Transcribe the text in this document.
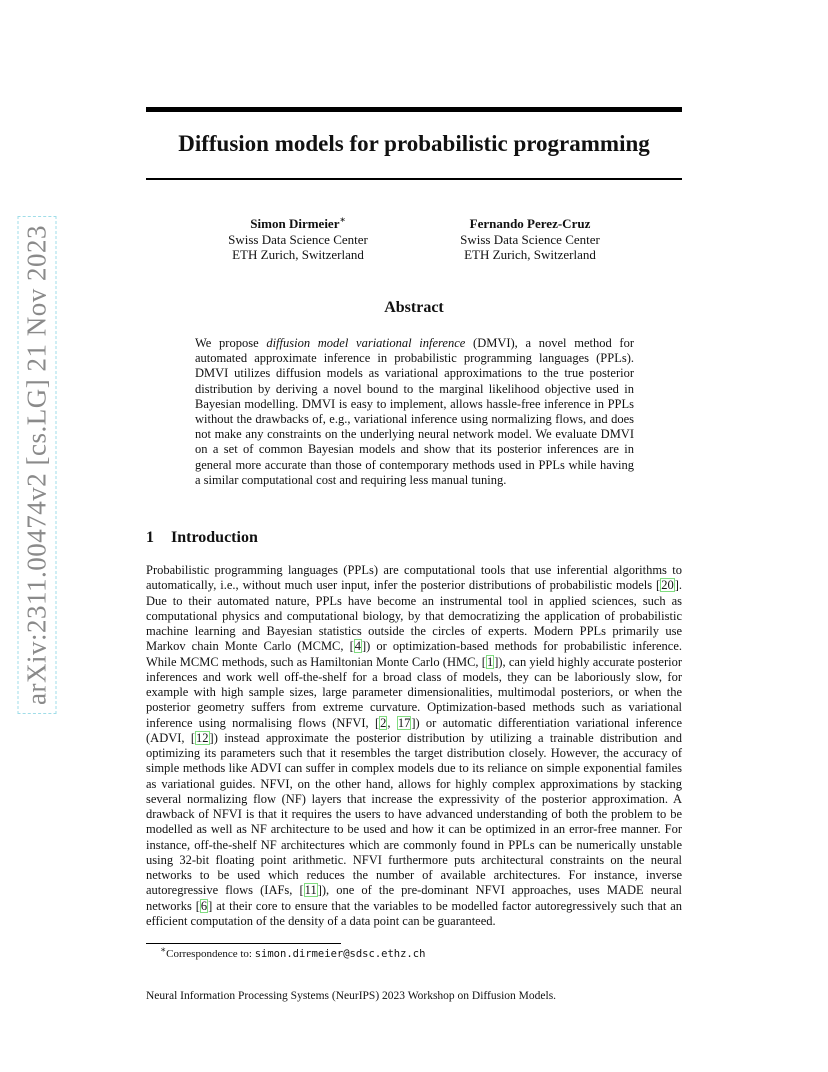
arXiv:2311.00474v2 [cs.LG] 21 Nov 2023
Diffusion models for probabilistic programming
Simon Dirmeier∗
Swiss Data Science Center
ETH Zurich, Switzerland
Fernando Perez-Cruz
Swiss Data Science Center
ETH Zurich, Switzerland
Abstract

We propose diffusion model variational inference (DMVI), a novel method for automated approximate inference in probabilistic programming languages (PPLs). DMVI utilizes diffusion models as variational approximations to the true posterior distribution by deriving a novel bound to the marginal likelihood objective used in Bayesian modelling. DMVI is easy to implement, allows hassle-free inference in PPLs without the drawbacks of, e.g., variational inference using normalizing flows, and does not make any constraints on the underlying neural network model. We evaluate DMVI on a set of common Bayesian models and show that its posterior inferences are in general more accurate than those of contemporary methods used in PPLs while having a similar computational cost and requiring less manual tuning.

1 Introduction

Probabilistic programming languages (PPLs) are computational tools that use inferential algorithms to automatically, i.e., without much user input, infer the posterior distributions of probabilistic models [20]. Due to their automated nature, PPLs have become an instrumental tool in applied sciences, such as computational physics and computational biology, by that democratizing the application of probabilistic machine learning and Bayesian statistics outside the circles of experts. Modern PPLs primarily use Markov chain Monte Carlo (MCMC, [4]) or optimization-based methods for probabilistic inference. While MCMC methods, such as Hamiltonian Monte Carlo (HMC, [1]), can yield highly accurate posterior inferences and work well off-the-shelf for a broad class of models, they can be laboriously slow, for example with high sample sizes, large parameter dimensionalities, multimodal posteriors, or when the posterior geometry suffers from extreme curvature. Optimization-based methods such as variational inference using normalising flows (NFVI, [2, 17]) or automatic differentiation variational inference (ADVI, [12]) instead approximate the posterior distribution by utilizing a trainable distribution and optimizing its parameters such that it resembles the target distribution closely. However, the accuracy of simple methods like ADVI can suffer in complex models due to its reliance on simple exponential familes as variational guides. NFVI, on the other hand, allows for highly complex approximations by stacking several normalizing flow (NF) layers that increase the expressivity of the posterior approximation. A drawback of NFVI is that it requires the users to have advanced understanding of both the problem to be modelled as well as NF architecture to be used and how it can be optimized in an error-free manner. For instance, off-the-shelf NF architectures which are commonly found in PPLs can be numerically unstable using 32-bit floating point arithmetic. NFVI furthermore puts architectural constraints on the neural networks to be used which reduces the number of available architectures. For instance, inverse autoregressive flows (IAFs, [11]), one of the pre-dominant NFVI approaches, uses MADE neural networks [6] at their core to ensure that the variables to be modelled factor autoregressively such that an efficient computation of the density of a data point can be guaranteed.

∗Correspondence to: simon.dirmeier@sdsc.ethz.ch

Neural Information Processing Systems (NeurIPS) 2023 Workshop on Diffusion Models.
